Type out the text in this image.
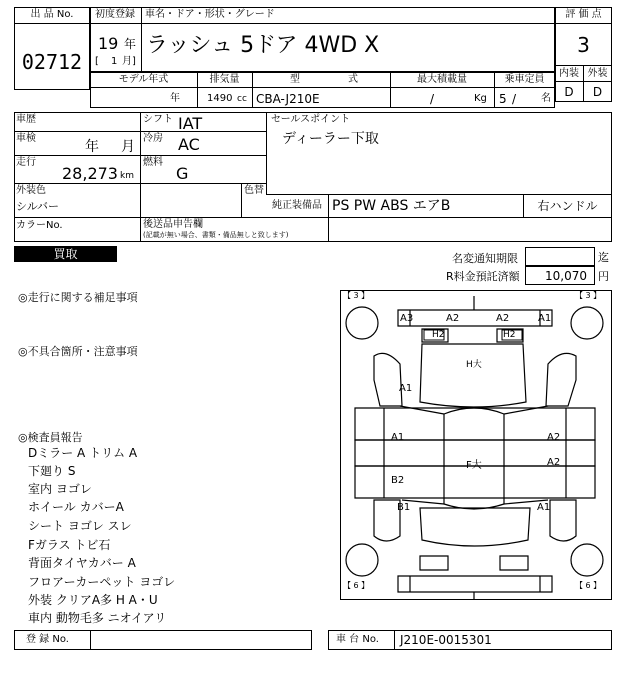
出 品 No.
02712
初度登録 車名・ドア・形状・グレード
19 年
[ 1 月]
ラッシュ 5ドア 4WD X
評 価 点
3
内装 外装
D	D
モデル年式	排気量	型	式	最大積載量	乗車定員
年	1490 cc CBA-J210E	/	Kg 5 / 名
車歴
車検
年 月
走行
28,273 km
シフト IAT
冷房 AC
燃料
G
セールスポイント
ディーラー下取
外装色
シルバー
色替
純正装備品 PS PW ABS エアB	右ハンドル
カラーNo.	後送品申告欄
(記載が無い場合、書類・備品無しと致します)
買取	名変通知期限	迄
R料金預託済額 10,070 円
◎走行に関する補足事項
◎不具合箇所・注意事項
◎検査員報告
Dミラー A トリム A
下廻り S
室内 ヨゴレ
ホイール カバーA
シート ヨゴレ スレ
Fガラス トビ石
背面タイヤカバー A
フロアーカーペット ヨゴレ
外装 クリアA多 H A・U
車内 動物毛多 ニオイアリ
【 3 】	【 3 】
【 6 】	【 6 】
A3	A2	A2	A1
H2	H2
H大
A1
A1	A2
F大	A2
B2
B1	A1
登 録 No.	車 台 No. J210E-0015301
